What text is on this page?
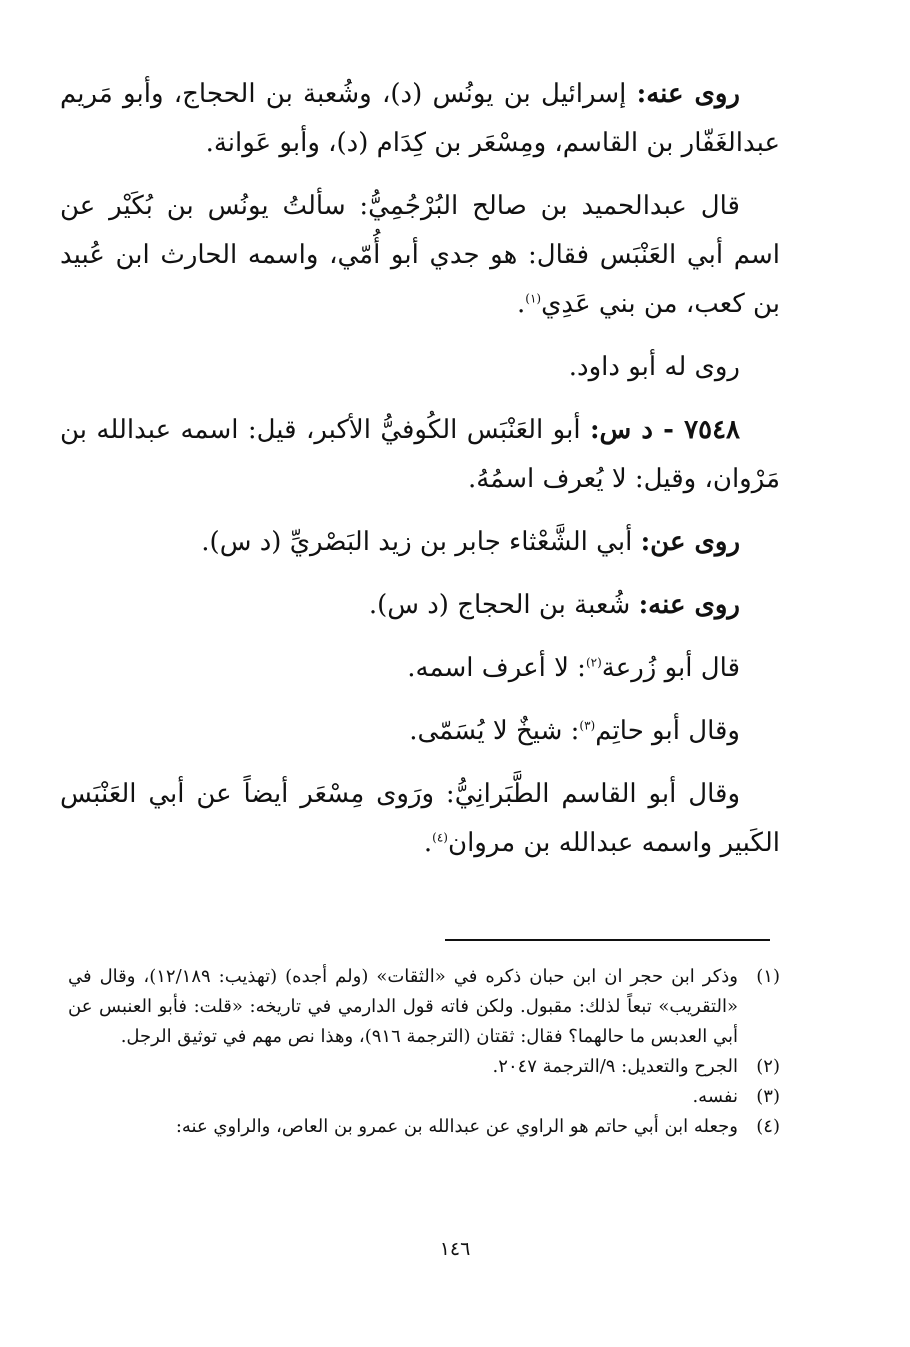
روى عنه: إسرائيل بن يونُس (د)، وشُعبة بن الحجاج، وأبو مَريم عبدالغَفّار بن القاسم، ومِسْعَر بن كِدَام (د)، وأبو عَوانة.

قال عبدالحميد بن صالح البُرْجُمِيُّ: سألتُ يونُس بن بُكَيْر عن اسم أبي العَنْبَس فقال: هو جدي أبو أُمّي، واسمه الحارث ابن عُبيد بن كعب، من بني عَدِي$^{(١)}$.

روى له أبو داود.

٧٥٤٨ - د س: أبو العَنْبَس الكُوفيُّ الأكبر، قيل: اسمه عبدالله بن مَرْوان، وقيل: لا يُعرف اسمُهُ.

روى عن: أبي الشَّعْثاء جابر بن زيد البَصْريِّ (د س).

روى عنه: شُعبة بن الحجاج (د س).

قال أبو زُرعة$^{(٢)}$: لا أعرف اسمه.

وقال أبو حاتِم$^{(٣)}$: شيخٌ لا يُسَمّى.

وقال أبو القاسم الطَّبَرانِيُّ: ورَوى مِسْعَر أيضاً عن أبي العَنْبَس الكَبير واسمه عبدالله بن مروان$^{(٤)}$.

(١)
وذكر ابن حجر ان ابن حبان ذكره في «الثقات» (ولم أجده) (تهذيب: ١٢/١٨٩)، وقال في «التقريب» تبعاً لذلك: مقبول. ولكن فاته قول الدارمي في تاريخه: «قلت: فأبو العنبس عن أبي العدبس ما حالهما؟ فقال: ثقتان (الترجمة ٩١٦)، وهذا نص مهم في توثيق الرجل.
(٢)
الجرح والتعديل: ٩/الترجمة ٢٠٤٧.
(٣)
نفسه.
(٤)
وجعله ابن أبي حاتم هو الراوي عن عبدالله بن عمرو بن العاص، والراوي عنه:
١٤٦
